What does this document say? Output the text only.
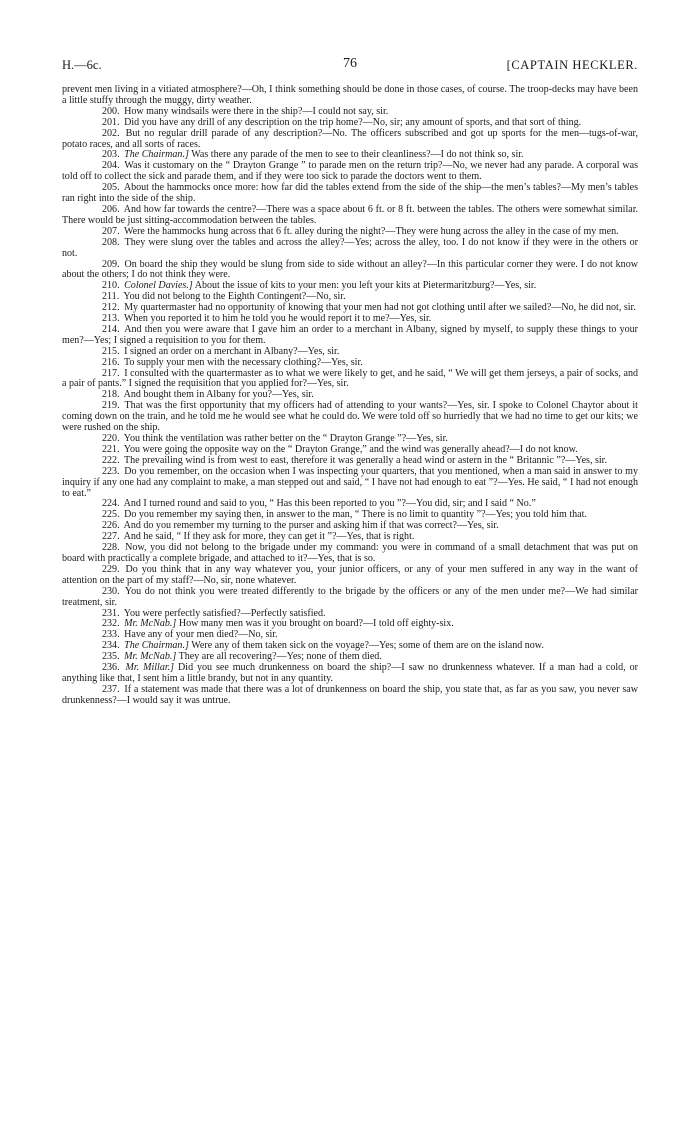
H.—6c.	76	[CAPTAIN HECKLER.

prevent men living in a vitiated atmosphere?—Oh, I think something should be done in those cases, of course. The troop-decks may have been a little stuffy through the muggy, dirty weather.

200. How many windsails were there in the ship?—I could not say, sir.

201. Did you have any drill of any description on the trip home?—No, sir; any amount of sports, and that sort of thing.

202. But no regular drill parade of any description?—No. The officers subscribed and got up sports for the men—tugs-of-war, potato races, and all sorts of races.

203. The Chairman.] Was there any parade of the men to see to their cleanliness?—I do not think so, sir.

204. Was it customary on the “ Drayton Grange ” to parade men on the return trip?—No, we never had any parade. A corporal was told off to collect the sick and parade them, and if they were too sick to parade the doctors went to them.

205. About the hammocks once more: how far did the tables extend from the side of the ship—the men’s tables?—My men’s tables ran right into the side of the ship.

206. And how far towards the centre?—There was a space about 6 ft. or 8 ft. between the tables. The others were somewhat similar. There would be just sitting-accommodation between the tables.

207. Were the hammocks hung across that 6 ft. alley during the night?—They were hung across the alley in the case of my men.

208. They were slung over the tables and across the alley?—Yes; across the alley, too. I do not know if they were in the others or not.

209. On board the ship they would be slung from side to side without an alley?—In this particular corner they were. I do not know about the others; I do not think they were.

210. Colonel Davies.] About the issue of kits to your men: you left your kits at Pietermaritzburg?—Yes, sir.

211. You did not belong to the Eighth Contingent?—No, sir.

212. My quartermaster had no opportunity of knowing that your men had not got clothing until after we sailed?—No, he did not, sir.

213. When you reported it to him he told you he would report it to me?—Yes, sir.

214. And then you were aware that I gave him an order to a merchant in Albany, signed by myself, to supply these things to your men?—Yes; I signed a requisition to you for them.

215. I signed an order on a merchant in Albany?—Yes, sir.

216. To supply your men with the necessary clothing?—Yes, sir.

217. I consulted with the quartermaster as to what we were likely to get, and he said, “ We will get them jerseys, a pair of socks, and a pair of pants.” I signed the requisition that you applied for?—Yes, sir.

218. And bought them in Albany for you?—Yes, sir.

219. That was the first opportunity that my officers had of attending to your wants?—Yes, sir. I spoke to Colonel Chaytor about it coming down on the train, and he told me he would see what he could do. We were told off so hurriedly that we had no time to get our kits; we were rushed on the ship.

220. You think the ventilation was rather better on the “ Drayton Grange ”?—Yes, sir.

221. You were going the opposite way on the “ Drayton Grange,” and the wind was generally ahead?—I do not know.

222. The prevailing wind is from west to east, therefore it was generally a head wind or astern in the “ Britannic ”?—Yes, sir.

223. Do you remember, on the occasion when I was inspecting your quarters, that you mentioned, when a man said in answer to my inquiry if any one had any complaint to make, a man stepped out and said, “ I have not had enough to eat ”?—Yes. He said, “ I had not enough to eat.”

224. And I turned round and said to you, “ Has this been reported to you ”?—You did, sir; and I said “ No.”

225. Do you remember my saying then, in answer to the man, “ There is no limit to quantity ”?—Yes; you told him that.

226. And do you remember my turning to the purser and asking him if that was correct?—Yes, sir.

227. And he said, “ If they ask for more, they can get it ”?—Yes, that is right.

228. Now, you did not belong to the brigade under my command: you were in command of a small detachment that was put on board with practically a complete brigade, and attached to it?—Yes, that is so.

229. Do you think that in any way whatever you, your junior officers, or any of your men suffered in any way in the want of attention on the part of my staff?—No, sir, none whatever.

230. You do not think you were treated differently to the brigade by the officers or any of the men under me?—We had similar treatment, sir.

231. You were perfectly satisfied?—Perfectly satisfied.

232. Mr. McNab.] How many men was it you brought on board?—I told off eighty-six.

233. Have any of your men died?—No, sir.

234. The Chairman.] Were any of them taken sick on the voyage?—Yes; some of them are on the island now.

235. Mr. McNab.] They are all recovering?—Yes; none of them died.

236. Mr. Millar.] Did you see much drunkenness on board the ship?—I saw no drunkenness whatever. If a man had a cold, or anything like that, I sent him a little brandy, but not in any quantity.

237. If a statement was made that there was a lot of drunkenness on board the ship, you state that, as far as you saw, you never saw drunkenness?—I would say it was untrue.
